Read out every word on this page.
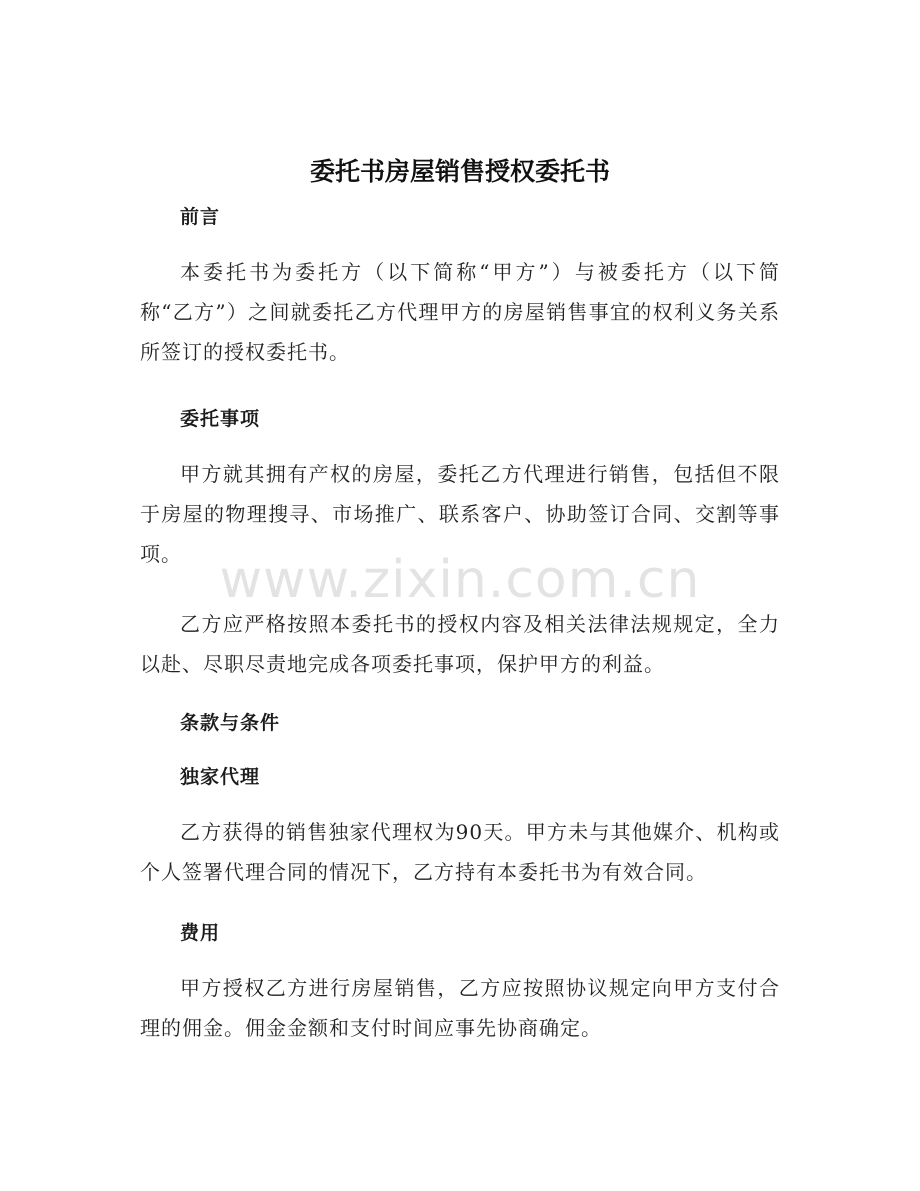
委托书房屋销售授权委托书
前言
本委托书为委托方（以下简称“甲方”）与被委托方（以下简称“乙方”）之间就委托乙方代理甲方的房屋销售事宜的权利义务关系所签订的授权委托书。
委托事项
甲方就其拥有产权的房屋，委托乙方代理进行销售，包括但不限于房屋的物理搜寻、市场推广、联系客户、协助签订合同、交割等事项。
乙方应严格按照本委托书的授权内容及相关法律法规规定，全力以赴、尽职尽责地完成各项委托事项，保护甲方的利益。
条款与条件
独家代理
乙方获得的销售独家代理权为90天。甲方未与其他媒介、机构或个人签署代理合同的情况下，乙方持有本委托书为有效合同。
费用
甲方授权乙方进行房屋销售，乙方应按照协议规定向甲方支付合理的佣金。佣金金额和支付时间应事先协商确定。
www.zixin.com.cn
